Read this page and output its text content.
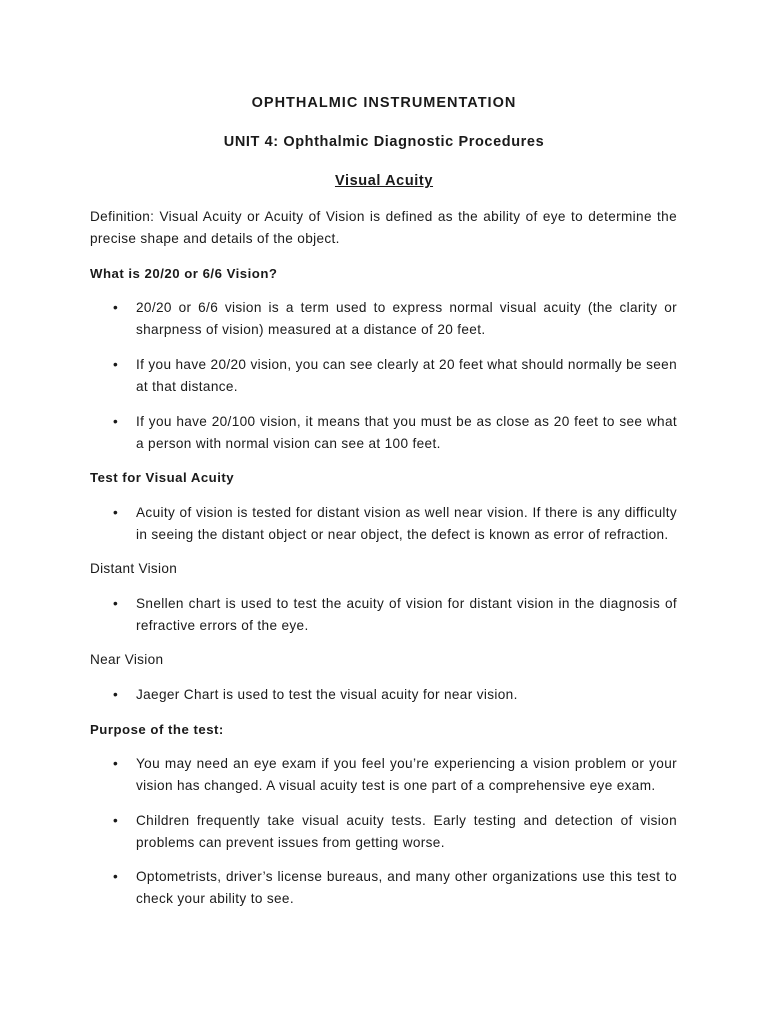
OPHTHALMIC INSTRUMENTATION
UNIT 4: Ophthalmic Diagnostic Procedures
Visual Acuity
Definition: Visual Acuity or Acuity of Vision is defined as the ability of eye to determine the precise shape and details of the object.
What is 20/20 or 6/6 Vision?
• 20/20 or 6/6 vision is a term used to express normal visual acuity (the clarity or sharpness of vision) measured at a distance of 20 feet.
• If you have 20/20 vision, you can see clearly at 20 feet what should normally be seen at that distance.
• If you have 20/100 vision, it means that you must be as close as 20 feet to see what a person with normal vision can see at 100 feet.
Test for Visual Acuity
• Acuity of vision is tested for distant vision as well near vision. If there is any difficulty in seeing the distant object or near object, the defect is known as error of refraction.
Distant Vision
• Snellen chart is used to test the acuity of vision for distant vision in the diagnosis of refractive errors of the eye.
Near Vision
• Jaeger Chart is used to test the visual acuity for near vision.
Purpose of the test:
• You may need an eye exam if you feel you’re experiencing a vision problem or your vision has changed. A visual acuity test is one part of a comprehensive eye exam.
• Children frequently take visual acuity tests. Early testing and detection of vision problems can prevent issues from getting worse.
• Optometrists, driver’s license bureaus, and many other organizations use this test to check your ability to see.
